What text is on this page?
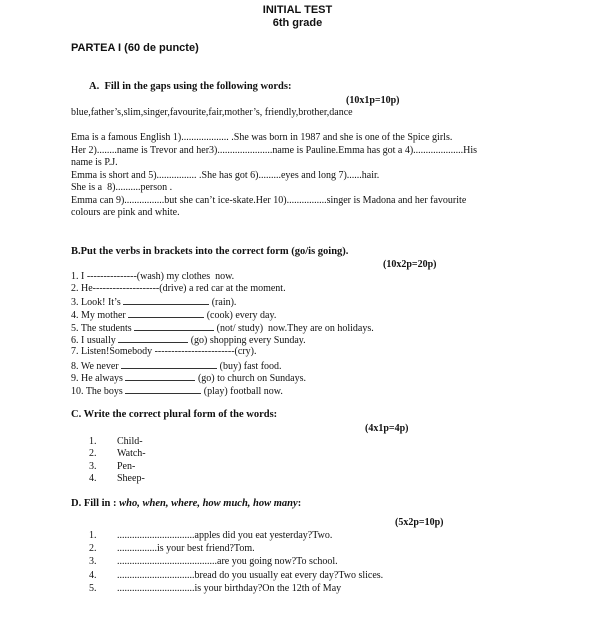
INITIAL TEST
6th grade
PARTEA I (60 de puncte)
A.  Fill in the gaps using the following words:
(10x1p=10p)
blue,father’s,slim,singer,favourite,fair,mother’s, friendly,brother,dance
Ema is a famous English 1)................... .She was born in 1987 and she is one of the Spice girls.
Her 2)........name is Trevor and her3)......................name is Pauline.Emma has got a 4)....................His
name is P.J.
Emma is short and 5)................ .She has got 6).........eyes and long 7)......hair.
She is a  8)..........person .
Emma can 9)................but she can’t ice-skate.Her 10)................singer is Madona and her favourite
colours are pink and white.
B.Put the verbs in brackets into the correct form (go/is going).
(10x2p=20p)
1. I ---------------(wash) my clothes  now.
2. He--------------------(drive) a red car at the moment.
3. Look! It’s	(rain).
4. My mother	(cook) every day.
5. The students	(not/ study)  now.They are on holidays.
6. I usually	(go) shopping every Sunday.
7. Listen!Somebody ------------------------(cry).
8. We never	(buy) fast food.
9. He always	(go) to church on Sundays.
10. The boys	(play) football now.
C. Write the correct plural form of the words:
(4x1p=4p)
1. Child-
2. Watch-
3. Pen-
4. Sheep-
D. Fill in : who, when, where, how much, how many:
(5x2p=10p)
1. ...............................apples did you eat yesterday?Two.
2. ................is your best friend?Tom.
3. ........................................are you going now?To school.
4. ...............................bread do you usually eat every day?Two slices.
5. ...............................is your birthday?On the 12th of May
